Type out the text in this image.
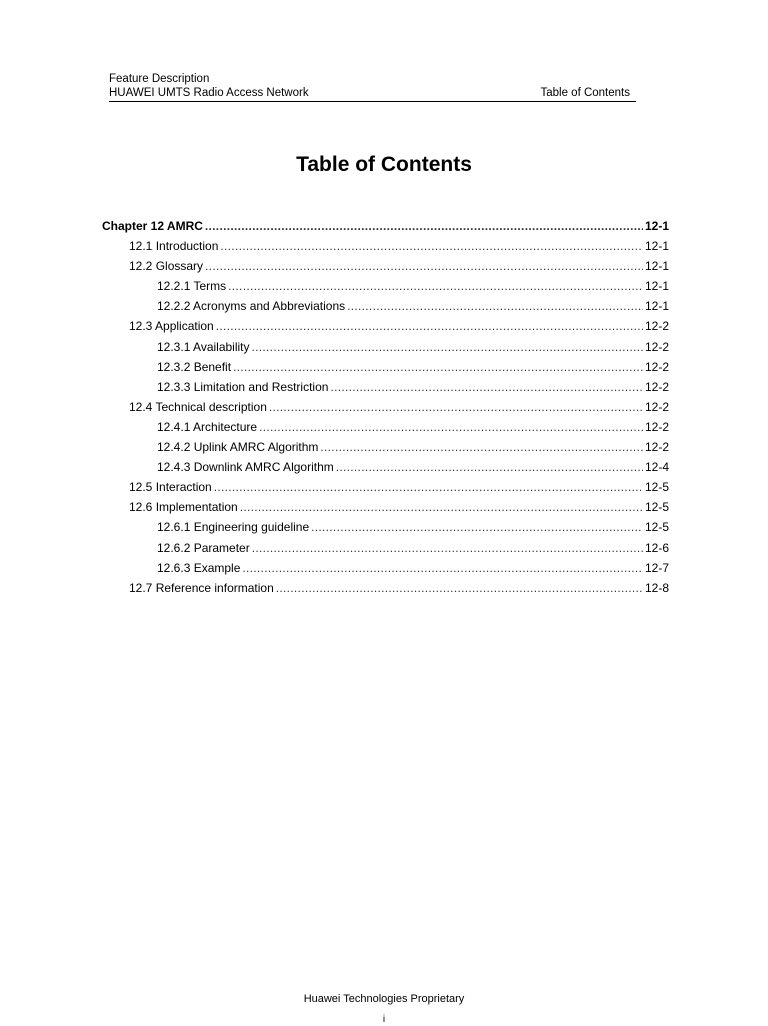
Feature Description
HUAWEI UMTS Radio Access Network	Table of Contents
Table of Contents
Chapter 12 AMRC .....	12-1
12.1 Introduction .....	12-1
12.2 Glossary .....	12-1
12.2.1 Terms .....	12-1
12.2.2 Acronyms and Abbreviations .....	12-1
12.3 Application .....	12-2
12.3.1 Availability .....	12-2
12.3.2 Benefit .....	12-2
12.3.3 Limitation and Restriction .....	12-2
12.4 Technical description .....	12-2
12.4.1 Architecture .....	12-2
12.4.2 Uplink AMRC Algorithm .....	12-2
12.4.3 Downlink AMRC Algorithm .....	12-4
12.5 Interaction .....	12-5
12.6 Implementation .....	12-5
12.6.1 Engineering guideline .....	12-5
12.6.2 Parameter .....	12-6
12.6.3 Example .....	12-7
12.7 Reference information .....	12-8
Huawei Technologies Proprietary
i
